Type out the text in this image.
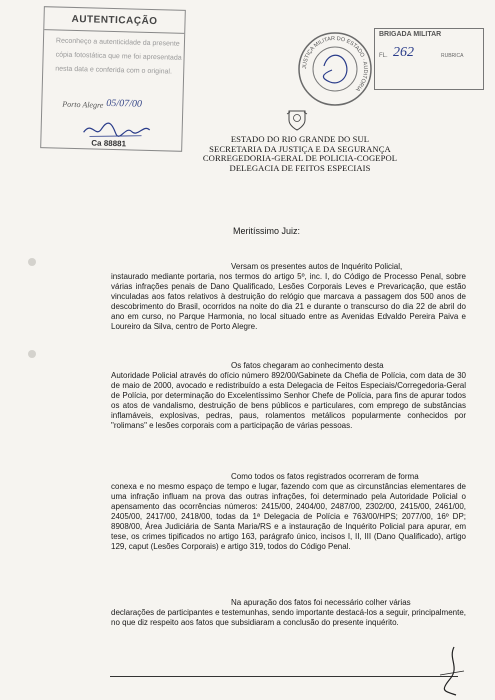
AUTENTICAÇÃO
Reconheço a autenticidade da presente
cópia fotostática que me foi apresentada
nesta data e conferida com o original.
Porto Alegre 05/07/00
Ca 88881
JUSTIÇA MILITAR DO ESTADO · AUDITORIA
BRIGADA MILITAR
FL. 262	RUBRICA
ESTADO DO RIO GRANDE DO SUL
SECRETARIA DA JUSTIÇA E DA SEGURANÇA
CORREGEDORIA-GERAL DE POLICIA-COGEPOL
DELEGACIA DE FEITOS ESPECIAIS
Meritíssimo Juiz:

Versam os presentes autos de Inquérito Policial,

instaurado mediante portaria, nos termos do artigo 5º, inc. I, do Código de Processo Penal, sobre várias infrações penais de Dano Qualificado, Lesões Corporais Leves e Prevaricação, que estão vinculadas aos fatos relativos à destruição do relógio que marcava a passagem dos 500 anos de descobrimento do Brasil, ocorridos na noite do dia 21 e durante o transcurso do dia 22 de abril do ano em curso, no Parque Harmonia, no local situado entre as Avenidas Edvaldo Pereira Paiva e Loureiro da Silva, centro de Porto Alegre.

Os fatos chegaram ao conhecimento desta

Autoridade Policial através do ofício número 892/00/Gabinete da Chefia de Polícia, com data de 30 de maio de 2000, avocado e redistribuído a esta Delegacia de Feitos Especiais/Corregedoria-Geral de Polícia, por determinação do Excelentíssimo Senhor Chefe de Polícia, para fins de apurar todos os atos de vandalismo, destruição de bens públicos e particulares, com emprego de substâncias inflamáveis, explosivas, pedras, paus, rolamentos metálicos popularmente conhecidos por "rolimans" e lesões corporais com a participação de várias pessoas.

Como todos os fatos registrados ocorreram de forma

conexa e no mesmo espaço de tempo e lugar, fazendo com que as circunstâncias elementares de uma infração influam na prova das outras infrações, foi determinado pela Autoridade Policial o apensamento das ocorrências números: 2415/00, 2404/00, 2487/00, 2302/00, 2415/00, 2461/00, 2405/00, 2417/00, 2418/00, todas da 1ª Delegacia de Polícia e 763/00/HPS; 2077/00, 16º DP; 8908/00, Área Judiciária de Santa Maria/RS e a instauração de Inquérito Policial para apurar, em tese, os crimes tipificados no artigo 163, parágrafo único, incisos I, II, III (Dano Qualificado), artigo 129, caput (Lesões Corporais) e artigo 319, todos do Código Penal.

Na apuração dos fatos foi necessário colher várias

declarações de participantes e testemunhas, sendo importante destacá-los a seguir, principalmente, no que diz respeito aos fatos que subsidiaram a conclusão do presente inquérito.
